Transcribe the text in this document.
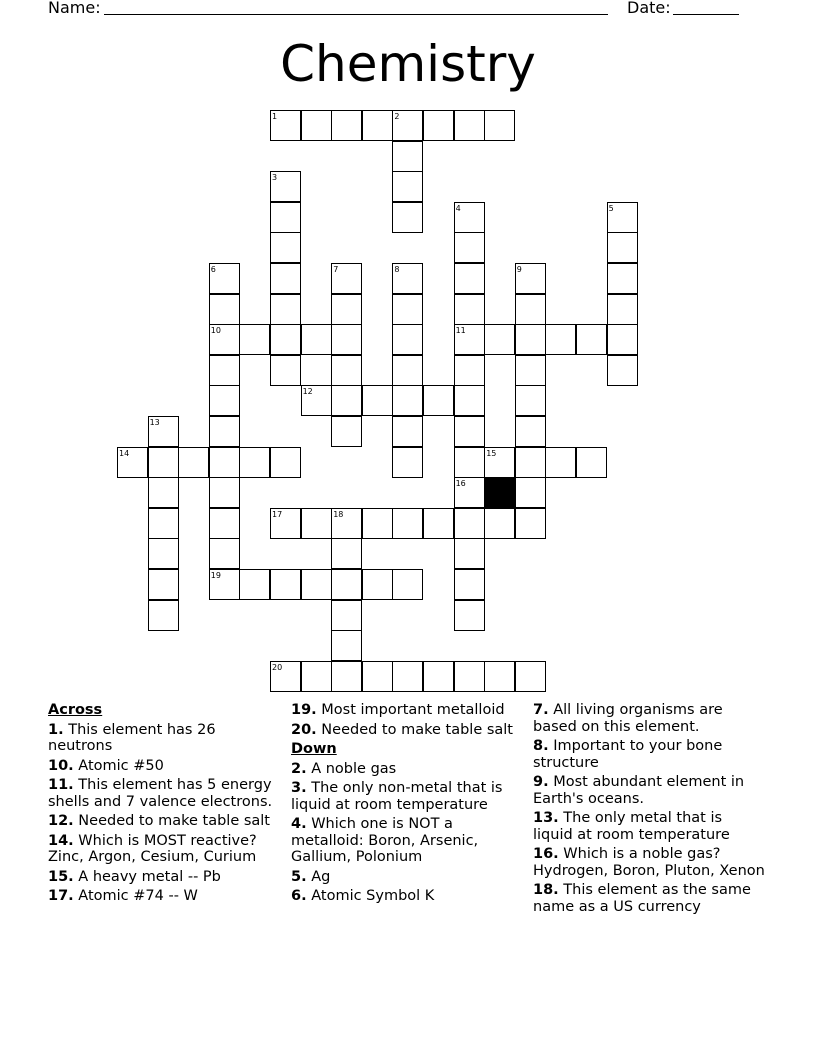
Name:	Date:
Chemistry
1	2
3
4	5
6	7	8	9
10	11
12
13
14	15
16
17	18
19
20
Across
1. This element has 26 neutrons
10. Atomic #50
11. This element has 5 energy shells and 7 valence electrons.
12. Needed to make table salt
14. Which is MOST reactive? Zinc, Argon, Cesium, Curium
15. A heavy metal -- Pb
17. Atomic #74 -- W
19. Most important metalloid
20. Needed to make table salt
Down
2. A noble gas
3. The only non-metal that is liquid at room temperature
4. Which one is NOT a metalloid: Boron, Arsenic, Gallium, Polonium
5. Ag
6. Atomic Symbol K
7. All living organisms are based on this element.
8. Important to your bone structure
9. Most abundant element in Earth's oceans.
13. The only metal that is liquid at room temperature
16. Which is a noble gas? Hydrogen, Boron, Pluton, Xenon
18. This element as the same name as a US currency
